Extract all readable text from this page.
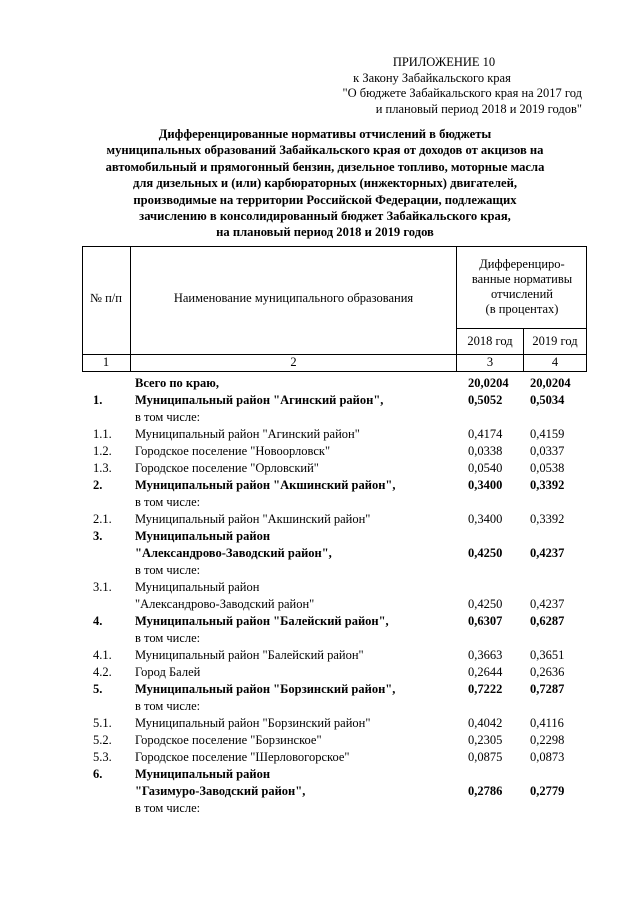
ПРИЛОЖЕНИЕ 10
к Закону Забайкальского края
"О бюджете Забайкальского края на 2017 год
и плановый период 2018 и 2019 годов"
Дифференцированные нормативы отчислений в бюджеты
муниципальных образований Забайкальского края от доходов от акцизов на
автомобильный и прямогонный бензин, дизельное топливо, моторные масла
для дизельных и (или) карбюраторных (инжекторных) двигателей,
производимые на территории Российской Федерации, подлежащих
зачислению в консолидированный бюджет Забайкальского края,
на плановый период 2018 и 2019 годов
№ п/п	Наименование муниципального образования
Дифференциро-
ванные нормативы
отчислений
(в процентах)
2018 год	2019 год
1	2	3	4
Всего по краю,	20,0204	20,0204
1.	Муниципальный район "Агинский район",	0,5052	0,5034
в том числе:
1.1. Муниципальный район "Агинский район"	0,4174	0,4159
1.2. Городское поселение "Новоорловск"	0,0338	0,0337
1.3. Городское поселение "Орловский"	0,0540	0,0538
2.	Муниципальный район "Акшинский район",	0,3400	0,3392
в том числе:
2.1. Муниципальный район "Акшинский район"	0,3400	0,3392
3.	Муниципальный район
"Александрово-Заводский район",	0,4250	0,4237
в том числе:
3.1. Муниципальный район
"Александрово-Заводский район"	0,4250	0,4237
4.	Муниципальный район "Балейский район",	0,6307	0,6287
в том числе:
4.1. Муниципальный район "Балейский район"	0,3663	0,3651
4.2. Город Балей	0,2644	0,2636
5.	Муниципальный район "Борзинский район",	0,7222	0,7287
в том числе:
5.1. Муниципальный район "Борзинский район"	0,4042	0,4116
5.2. Городское поселение "Борзинское"	0,2305	0,2298
5.3. Городское поселение "Шерловогорское"	0,0875	0,0873
6.	Муниципальный район
"Газимуро-Заводский район",	0,2786	0,2779
в том числе:
